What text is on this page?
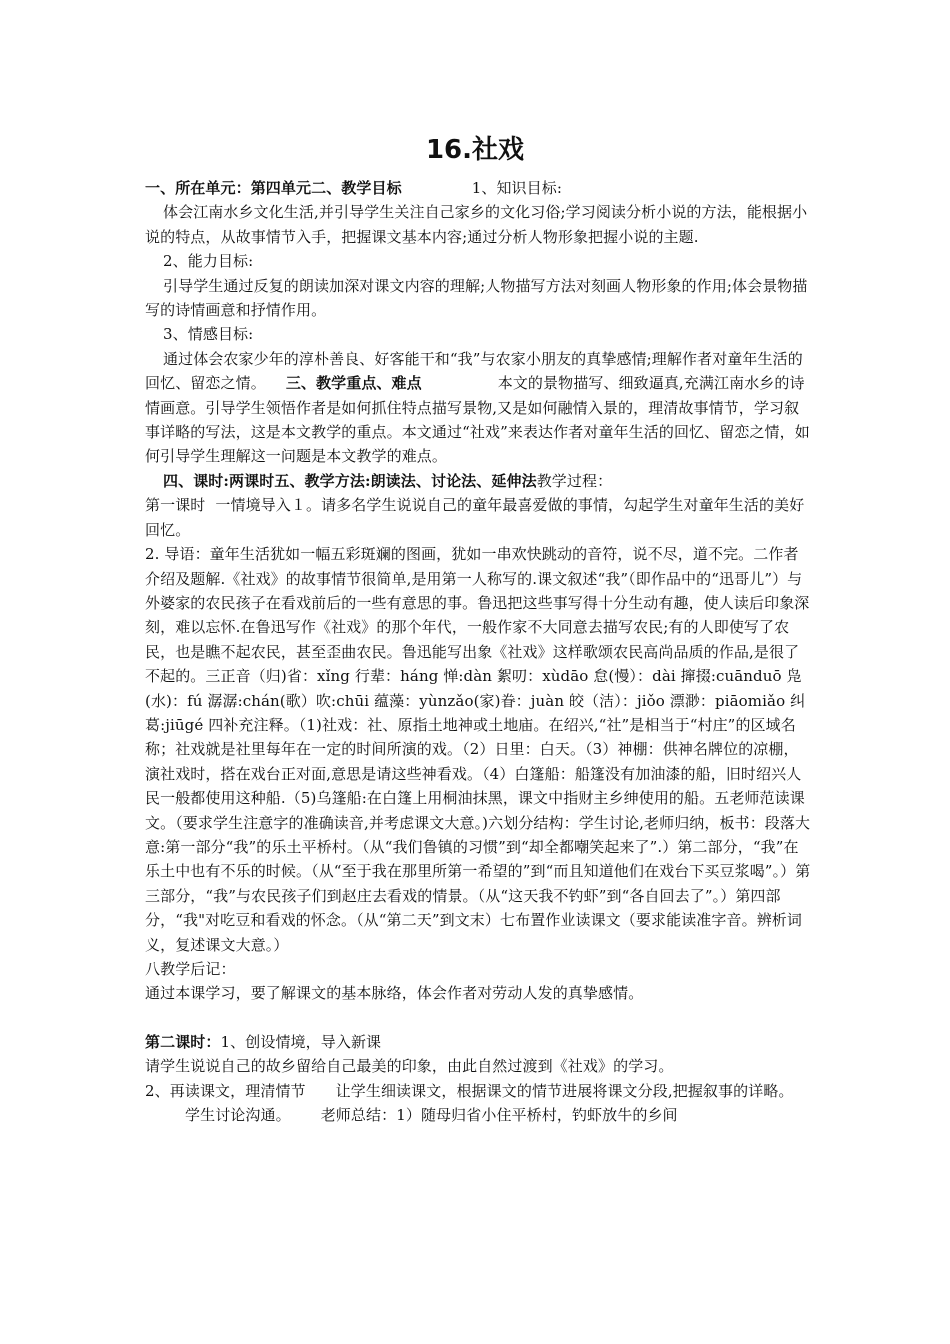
16.社戏

一、所在单元：第四单元二、教学目标	1、知识目标:

体会江南水乡文化生活,并引导学生关注自己家乡的文化习俗;学习阅读分析小说的方法，能根据小说的特点，从故事情节入手，把握课文基本内容;通过分析人物形象把握小说的主题.

2、能力目标:

引导学生通过反复的朗读加深对课文内容的理解;人物描写方法对刻画人物形象的作用;体会景物描写的诗情画意和抒情作用。

3、情感目标:

通过体会农家少年的淳朴善良、好客能干和“我”与农家小朋友的真挚感情;理解作者对童年生活的回忆、留恋之情。 三、教学重点、难点	本文的景物描写、细致逼真,充满江南水乡的诗情画意。引导学生领悟作者是如何抓住特点描写景物,又是如何融情入景的，理清故事情节，学习叙事详略的写法，这是本文教学的重点。本文通过“社戏”来表达作者对童年生活的回忆、留恋之情，如何引导学生理解这一问题是本文教学的难点。

四、课时:两课时五、教学方法:朗读法、讨论法、延伸法教学过程：

第一课时 一情境导入１。请多名学生说说自己的童年最喜爱做的事情，勾起学生对童年生活的美好回忆。

2. 导语：童年生活犹如一幅五彩斑斓的图画，犹如一串欢快跳动的音符，说不尽，道不完。二作者介绍及题解.《社戏》的故事情节很简单,是用第一人称写的.课文叙述“我”（即作品中的“迅哥儿”）与外婆家的农民孩子在看戏前后的一些有意思的事。鲁迅把这些事写得十分生动有趣，使人读后印象深刻，难以忘怀.在鲁迅写作《社戏》的那个年代，一般作家不大同意去描写农民;有的人即使写了农民，也是瞧不起农民，甚至歪曲农民。鲁迅能写出象《社戏》这样歌颂农民高尚品质的作品,是很了不起的。三正音（归)省：xǐng 行辈：háng 惮:dàn 絮叨：xùdāo 怠(慢）：dài 撺掇:cuānduō 凫(水)：fú 潺潺:chán(歌）吹:chūi 蕴藻：yùnzǎo(家)眷：juàn 皎（洁）：jiǒo 漂渺：piāomiǎo 纠葛:jiūgé 四补充注释。（1)社戏：社、原指土地神或土地庙。在绍兴,“社”是相当于“村庄”的区域名称；社戏就是社里每年在一定的时间所演的戏。（2）日里：白天。（3）神棚：供神名牌位的凉棚，演社戏时，搭在戏台正对面,意思是请这些神看戏。（4）白篷船：船篷没有加油漆的船，旧时绍兴人民一般都使用这种船.（5)乌篷船:在白篷上用桐油抹黑，课文中指财主乡绅使用的船。五老师范读课文。（要求学生注意字的准确读音,并考虑课文大意。)六划分结构：学生讨论,老师归纳，板书：段落大意:第一部分“我”的乐土平桥村。（从“我们鲁镇的习惯”到“却全都嘲笑起来了”.）第二部分，“我”在乐土中也有不乐的时候。（从“至于我在那里所第一希望的”到“而且知道他们在戏台下买豆浆喝”。）第三部分，“我”与农民孩子们到赵庄去看戏的情景。（从“这天我不钓虾”到“各自回去了”。）第四部分，“我"对吃豆和看戏的怀念。（从“第二天”到文末）七布置作业读课文（要求能读准字音。辨析词义，复述课文大意。）

八教学后记：

通过本课学习，要了解课文的基本脉络，体会作者对劳动人发的真挚感情。

第二课时：1、创设情境，导入新课

请学生说说自己的故乡留给自己最美的印象，由此自然过渡到《社戏》的学习。

2、再读课文，理清情节 让学生细读课文，根据课文的情节进展将课文分段,把握叙事的详略。学生讨论沟通。 老师总结：1）随母归省小住平桥村，钓虾放牛的乡间
